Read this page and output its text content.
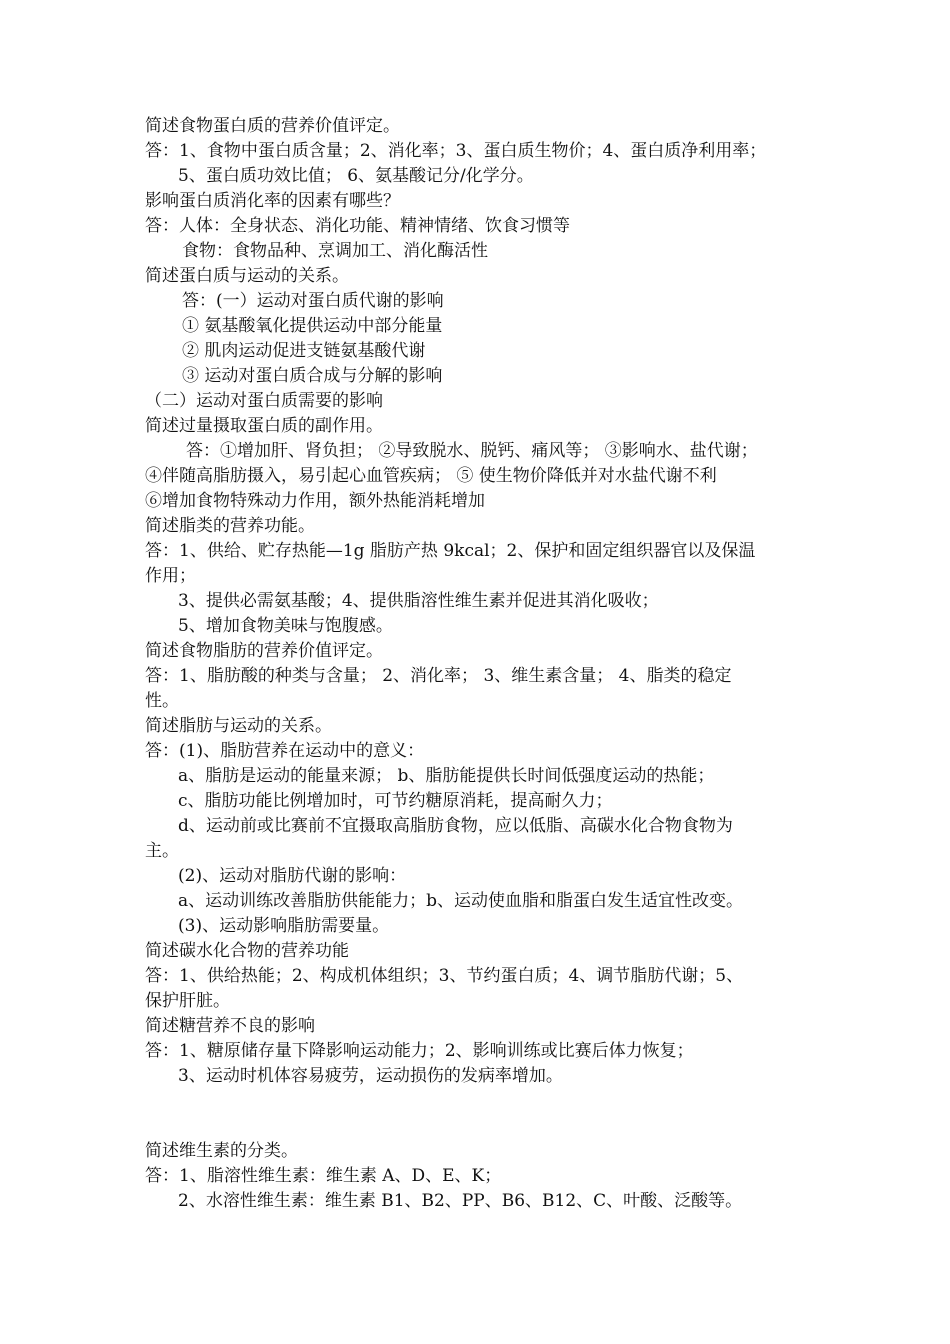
简述食物蛋白质的营养价值评定。
答：1、食物中蛋白质含量；2、消化率；3、蛋白质生物价；4、蛋白质净利用率；
5、蛋白质功效比值； 6、氨基酸记分/化学分。
影响蛋白质消化率的因素有哪些？
答：人体：全身状态、消化功能、精神情绪、饮食习惯等
食物：食物品种、烹调加工、消化酶活性
简述蛋白质与运动的关系。
答：(一）运动对蛋白质代谢的影响
① 氨基酸氧化提供运动中部分能量
② 肌肉运动促进支链氨基酸代谢
③ 运动对蛋白质合成与分解的影响
（二）运动对蛋白质需要的影响
简述过量摄取蛋白质的副作用。
答：①增加肝、肾负担； ②导致脱水、脱钙、痛风等； ③影响水、盐代谢；
④伴随高脂肪摄入，易引起心血管疾病； ⑤ 使生物价降低并对水盐代谢不利
⑥增加食物特殊动力作用，额外热能消耗增加
简述脂类的营养功能。
答：1、供给、贮存热能—1g 脂肪产热 9kcal；2、保护和固定组织器官以及保温
作用；
3、提供必需氨基酸；4、提供脂溶性维生素并促进其消化吸收；
5、增加食物美味与饱腹感。
简述食物脂肪的营养价值评定。
答：1、脂肪酸的种类与含量； 2、消化率； 3、维生素含量； 4、脂类的稳定
性。
简述脂肪与运动的关系。
答：(1)、脂肪营养在运动中的意义：
a、脂肪是运动的能量来源； b、脂肪能提供长时间低强度运动的热能；
c、脂肪功能比例增加时，可节约糖原消耗，提高耐久力；
d、运动前或比赛前不宜摄取高脂肪食物，应以低脂、高碳水化合物食物为
主。
(2)、运动对脂肪代谢的影响：
a、运动训练改善脂肪供能能力；b、运动使血脂和脂蛋白发生适宜性改变。
(3)、运动影响脂肪需要量。
简述碳水化合物的营养功能
答：1、供给热能；2、构成机体组织；3、节约蛋白质；4、调节脂肪代谢；5、
保护肝脏。
简述糖营养不良的影响
答：1、糖原储存量下降影响运动能力；2、影响训练或比赛后体力恢复；
3、运动时机体容易疲劳，运动损伤的发病率增加。
简述维生素的分类。
答：1、脂溶性维生素：维生素 A、D、E、K；
2、水溶性维生素：维生素 B1、B2、PP、B6、B12、C、叶酸、泛酸等。
